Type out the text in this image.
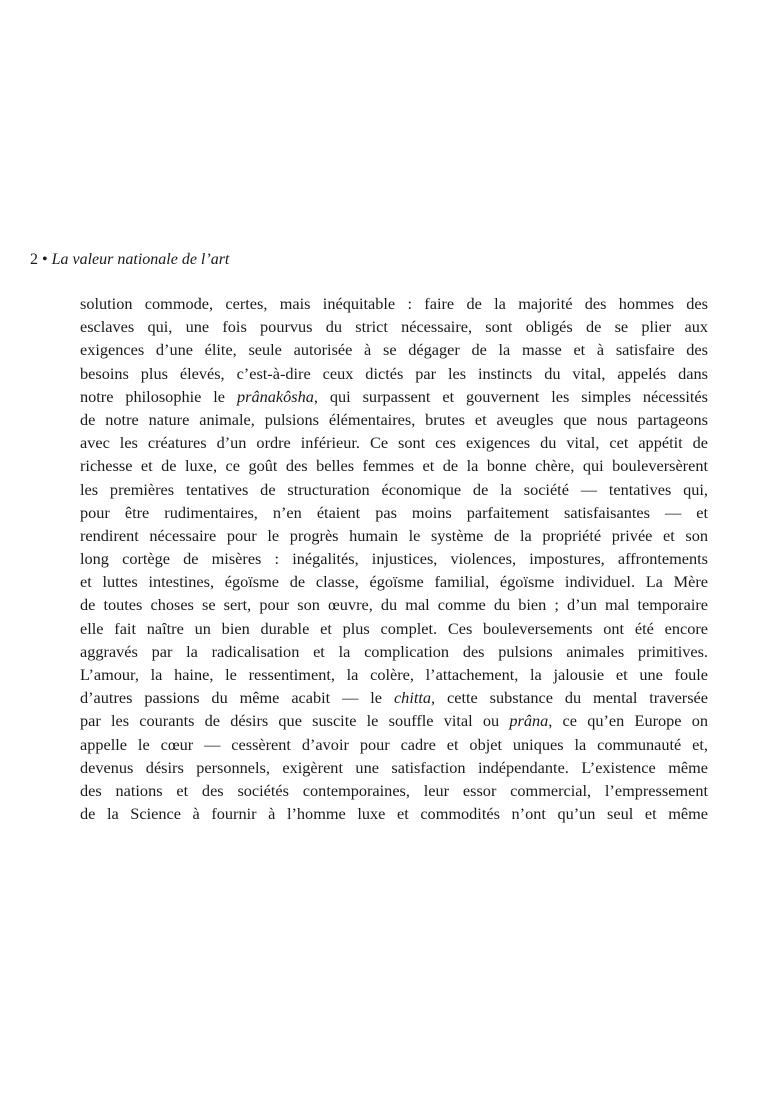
2 • La valeur nationale de l’art
solution commode, certes, mais inéquitable : faire de la majorité des hommes des
esclaves qui, une fois pourvus du strict nécessaire, sont obligés de se plier aux
exigences d’une élite, seule autorisée à se dégager de la masse et à satisfaire des
besoins plus élevés, c’est-à-dire ceux dictés par les instincts du vital, appelés dans
notre philosophie le prânakôsha, qui surpassent et gouvernent les simples nécessités
de notre nature animale, pulsions élémentaires, brutes et aveugles que nous partageons
avec les créatures d’un ordre inférieur. Ce sont ces exigences du vital, cet appétit de
richesse et de luxe, ce goût des belles femmes et de la bonne chère, qui bouleversèrent
les premières tentatives de structuration économique de la société — tentatives qui,
pour être rudimentaires, n’en étaient pas moins parfaitement satisfaisantes — et
rendirent nécessaire pour le progrès humain le système de la propriété privée et son
long cortège de misères : inégalités, injustices, violences, impostures, affrontements
et luttes intestines, égoïsme de classe, égoïsme familial, égoïsme individuel. La Mère
de toutes choses se sert, pour son œuvre, du mal comme du bien ; d’un mal temporaire
elle fait naître un bien durable et plus complet. Ces bouleversements ont été encore
aggravés par la radicalisation et la complication des pulsions animales primitives.
L’amour, la haine, le ressentiment, la colère, l’attachement, la jalousie et une foule
d’autres passions du même acabit — le chitta, cette substance du mental traversée
par les courants de désirs que suscite le souffle vital ou prâna, ce qu’en Europe on
appelle le cœur — cessèrent d’avoir pour cadre et objet uniques la communauté et,
devenus désirs personnels, exigèrent une satisfaction indépendante. L’existence même
des nations et des sociétés contemporaines, leur essor commercial, l’empressement
de la Science à fournir à l’homme luxe et commodités n’ont qu’un seul et même
